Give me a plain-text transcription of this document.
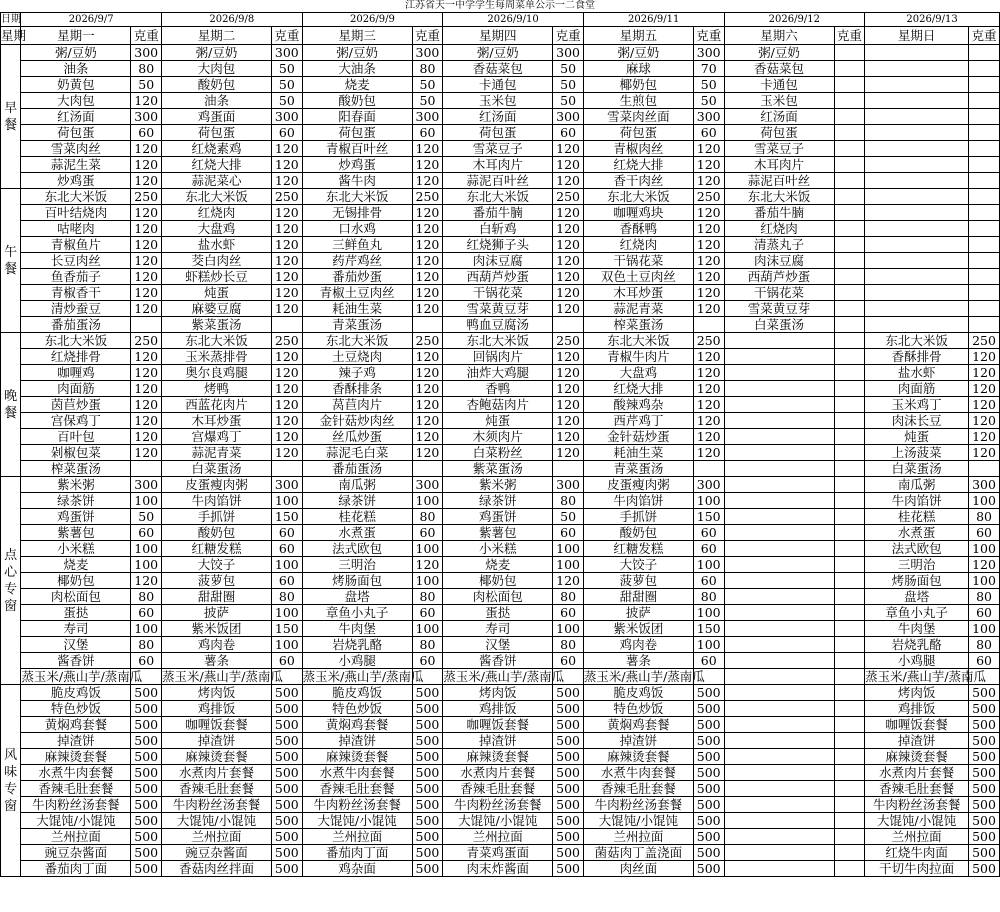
江苏省天一中学学生每周菜单公示一二食堂														
日期	2026/9/7		2026/9/8		2026/9/9		2026/9/10		2026/9/11		2026/9/12		2026/9/13	
星期	星期一	克重	星期二	克重	星期三	克重	星期四	克重	星期五	克重	星期六	克重	星期日	克重
早餐	粥/豆奶	300	粥/豆奶	300	粥/豆奶	300	粥/豆奶	300	粥/豆奶	300	粥/豆奶			
	油条	80	大肉包	50	大油条	80	香菇菜包	50	麻球	70	香菇菜包			
	奶黄包	50	酸奶包	50	烧麦	50	卡通包	50	椰奶包	50	卡通包			
	大肉包	120	油条	50	酸奶包	50	玉米包	50	生煎包	50	玉米包			
	红汤面	300	鸡蛋面	300	阳春面	300	红汤面	300	雪菜肉丝面	300	红汤面			
	荷包蛋	60	荷包蛋	60	荷包蛋	60	荷包蛋	60	荷包蛋	60	荷包蛋			
	雪菜肉丝	120	红烧素鸡	120	青椒百叶丝	120	雪菜豆子	120	青椒肉丝	120	雪菜豆子			
	蒜泥生菜	120	红烧大排	120	炒鸡蛋	120	木耳肉片	120	红烧大排	120	木耳肉片			
	炒鸡蛋	120	蒜泥菜心	120	酱牛肉	120	蒜泥百叶丝	120	香干肉丝	120	蒜泥百叶丝			
午餐	东北大米饭	250	东北大米饭	250	东北大米饭	250	东北大米饭	250	东北大米饭	250	东北大米饭			
	百叶结烧肉	120	红烧肉	120	无锡排骨	120	番茄牛腩	120	咖喱鸡块	120	番茄牛腩			
	咕咾肉	120	大盘鸡	120	口水鸡	120	白斩鸡	120	香酥鸭	120	红烧肉			
	青椒鱼片	120	盐水虾	120	三鲜鱼丸	120	红烧狮子头	120	红烧肉	120	清蒸丸子			
	长豆肉丝	120	茭白肉丝	120	药芹鸡丝	120	肉沫豆腐	120	干锅花菜	120	肉沫豆腐			
	鱼香茄子	120	虾糕炒长豆	120	番茄炒蛋	120	西葫芦炒蛋	120	双色土豆肉丝	120	西葫芦炒蛋			
	青椒香干	120	炖蛋	120	青椒土豆肉丝	120	干锅花菜	120	木耳炒蛋	120	干锅花菜			
	清炒蚕豆	120	麻婆豆腐	120	耗油生菜	120	雪菜黄豆芽	120	蒜泥青菜	120	雪菜黄豆芽			
	番茄蛋汤		紫菜蛋汤		青菜蛋汤		鸭血豆腐汤		榨菜蛋汤		白菜蛋汤			
晚餐	东北大米饭	250	东北大米饭	250	东北大米饭	250	东北大米饭	250	东北大米饭	250			东北大米饭	250
	红烧排骨	120	玉米蒸排骨	120	土豆烧肉	120	回锅肉片	120	青椒牛肉片	120			香酥排骨	120
	咖喱鸡	120	奥尔良鸡腿	120	辣子鸡	120	油炸大鸡腿	120	大盘鸡	120			盐水虾	120
	肉面筋	120	烤鸭	120	香酥排条	120	香鸭	120	红烧大排	120			肉面筋	120
	茵苣炒蛋	120	西蓝花肉片	120	莴苣肉片	120	杏鲍菇肉片	120	酸辣鸡杂	120			玉米鸡丁	120
	宫保鸡丁	120	木耳炒蛋	120	金针菇炒肉丝	120	炖蛋	120	西芹鸡丁	120			肉沫长豆	120
	百叶包	120	宫爆鸡丁	120	丝瓜炒蛋	120	木须肉片	120	金针菇炒蛋	120			炖蛋	120
	剁椒包菜	120	蒜泥青菜	120	蒜泥毛白菜	120	白菜粉丝	120	耗油生菜	120			上汤菠菜	120
	榨菜蛋汤		白菜蛋汤		番茄蛋汤		紫菜蛋汤		青菜蛋汤				白菜蛋汤	
点心专窗	紫米粥	300	皮蛋瘦肉粥	300	南瓜粥	300	紫米粥	300	皮蛋瘦肉粥	300			南瓜粥	300
	绿茶饼	100	牛肉馅饼	100	绿茶饼	100	绿茶饼	80	牛肉馅饼	100			牛肉馅饼	100
	鸡蛋饼	50	手抓饼	150	桂花糕	80	鸡蛋饼	50	手抓饼	150			桂花糕	80
	紫薯包	60	酸奶包	60	水煮蛋	60	紫薯包	60	酸奶包	60			水煮蛋	60
	小米糕	100	红糖发糕	60	法式欧包	100	小米糕	100	红糖发糕	60			法式欧包	100
	烧麦	100	大饺子	100	三明治	120	烧麦	100	大饺子	100			三明治	120
	椰奶包	120	菠萝包	60	烤肠面包	100	椰奶包	120	菠萝包	60			烤肠面包	100
	肉松面包	80	甜甜圈	80	盘塔	80	肉松面包	80	甜甜圈	80			盘塔	80
	蛋挞	60	披萨	100	章鱼小丸子	60	蛋挞	60	披萨	100			章鱼小丸子	60
	寿司	100	紫米饭团	150	牛肉堡	100	寿司	100	紫米饭团	150			牛肉堡	100
	汉堡	80	鸡肉卷	100	岩烧乳酪	80	汉堡	80	鸡肉卷	100			岩烧乳酪	80
	酱香饼	60	薯条	60	小鸡腿	60	酱香饼	60	薯条	60			小鸡腿	60
	蒸玉米/燕山芋/蒸南瓜		蒸玉米/燕山芋/蒸南瓜		蒸玉米/燕山芋/蒸南瓜		蒸玉米/燕山芋/蒸南瓜		蒸玉米/燕山芋/蒸南瓜				蒸玉米/燕山芋/蒸南瓜	
风味专窗	脆皮鸡饭	500	烤肉饭	500	脆皮鸡饭	500	烤肉饭	500	脆皮鸡饭	500			烤肉饭	500
	特色炒饭	500	鸡排饭	500	特色炒饭	500	鸡排饭	500	特色炒饭	500			鸡排饭	500
	黄焖鸡套餐	500	咖喱饭套餐	500	黄焖鸡套餐	500	咖喱饭套餐	500	黄焖鸡套餐	500			咖喱饭套餐	500
	掉渣饼	500	掉渣饼	500	掉渣饼	500	掉渣饼	500	掉渣饼	500			掉渣饼	500
	麻辣烫套餐	500	麻辣烫套餐	500	麻辣烫套餐	500	麻辣烫套餐	500	麻辣烫套餐	500			麻辣烫套餐	500
	水煮牛肉套餐	500	水煮肉片套餐	500	水煮牛肉套餐	500	水煮肉片套餐	500	水煮牛肉套餐	500			水煮肉片套餐	500
	香辣毛肚套餐	500	香辣毛肚套餐	500	香辣毛肚套餐	500	香辣毛肚套餐	500	香辣毛肚套餐	500			香辣毛肚套餐	500
	牛肉粉丝汤套餐	500	牛肉粉丝汤套餐	500	牛肉粉丝汤套餐	500	牛肉粉丝汤套餐	500	牛肉粉丝汤套餐	500			牛肉粉丝汤套餐	500
	大馄饨/小馄饨	500	大馄饨/小馄饨	500	大馄饨/小馄饨	500	大馄饨/小馄饨	500	大馄饨/小馄饨	500			大馄饨/小馄饨	500
	兰州拉面	500	兰州拉面	500	兰州拉面	500	兰州拉面	500	兰州拉面	500			兰州拉面	500
	豌豆杂酱面	500	豌豆杂酱面	500	番茄肉丁面	500	青菜鸡蛋面	500	菌菇肉丁盖浇面	500			红烧牛肉面	500
	番茄肉丁面	500	香菇肉丝拌面	500	鸡杂面	500	肉末炸酱面	500	肉丝面	500			干切牛肉拉面	500
